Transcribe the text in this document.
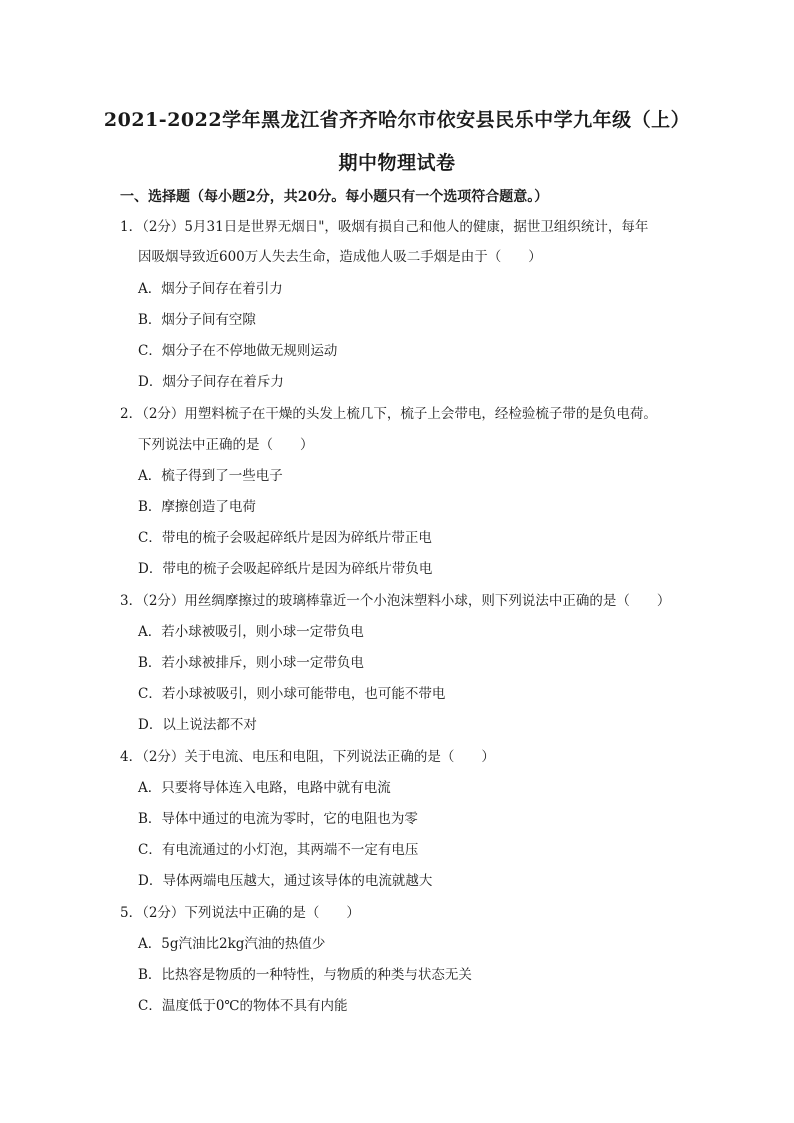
2021-2022学年黑龙江省齐齐哈尔市依安县民乐中学九年级（上）
期中物理试卷
一、选择题（每小题2分，共20分。每小题只有一个选项符合题意。）
1．（2分）5月31日是世界无烟日"，吸烟有损自己和他人的健康，据世卫组织统计，每年
因吸烟导致近600万人失去生命，造成他人吸二手烟是由于（　　）
A．烟分子间存在着引力
B．烟分子间有空隙
C．烟分子在不停地做无规则运动
D．烟分子间存在着斥力
2．（2分）用塑料梳子在干燥的头发上梳几下，梳子上会带电，经检验梳子带的是负电荷。
下列说法中正确的是（　　）
A．梳子得到了一些电子
B．摩擦创造了电荷
C．带电的梳子会吸起碎纸片是因为碎纸片带正电
D．带电的梳子会吸起碎纸片是因为碎纸片带负电
3．（2分）用丝绸摩擦过的玻璃棒靠近一个小泡沫塑料小球，则下列说法中正确的是（　　）
A．若小球被吸引，则小球一定带负电
B．若小球被排斥，则小球一定带负电
C．若小球被吸引，则小球可能带电，也可能不带电
D．以上说法都不对
4．（2分）关于电流、电压和电阻，下列说法正确的是（　　）
A．只要将导体连入电路，电路中就有电流
B．导体中通过的电流为零时，它的电阻也为零
C．有电流通过的小灯泡，其两端不一定有电压
D．导体两端电压越大，通过该导体的电流就越大
5．（2分）下列说法中正确的是（　　）
A．5g汽油比2kg汽油的热值少
B．比热容是物质的一种特性，与物质的种类与状态无关
C．温度低于0℃的物体不具有内能
